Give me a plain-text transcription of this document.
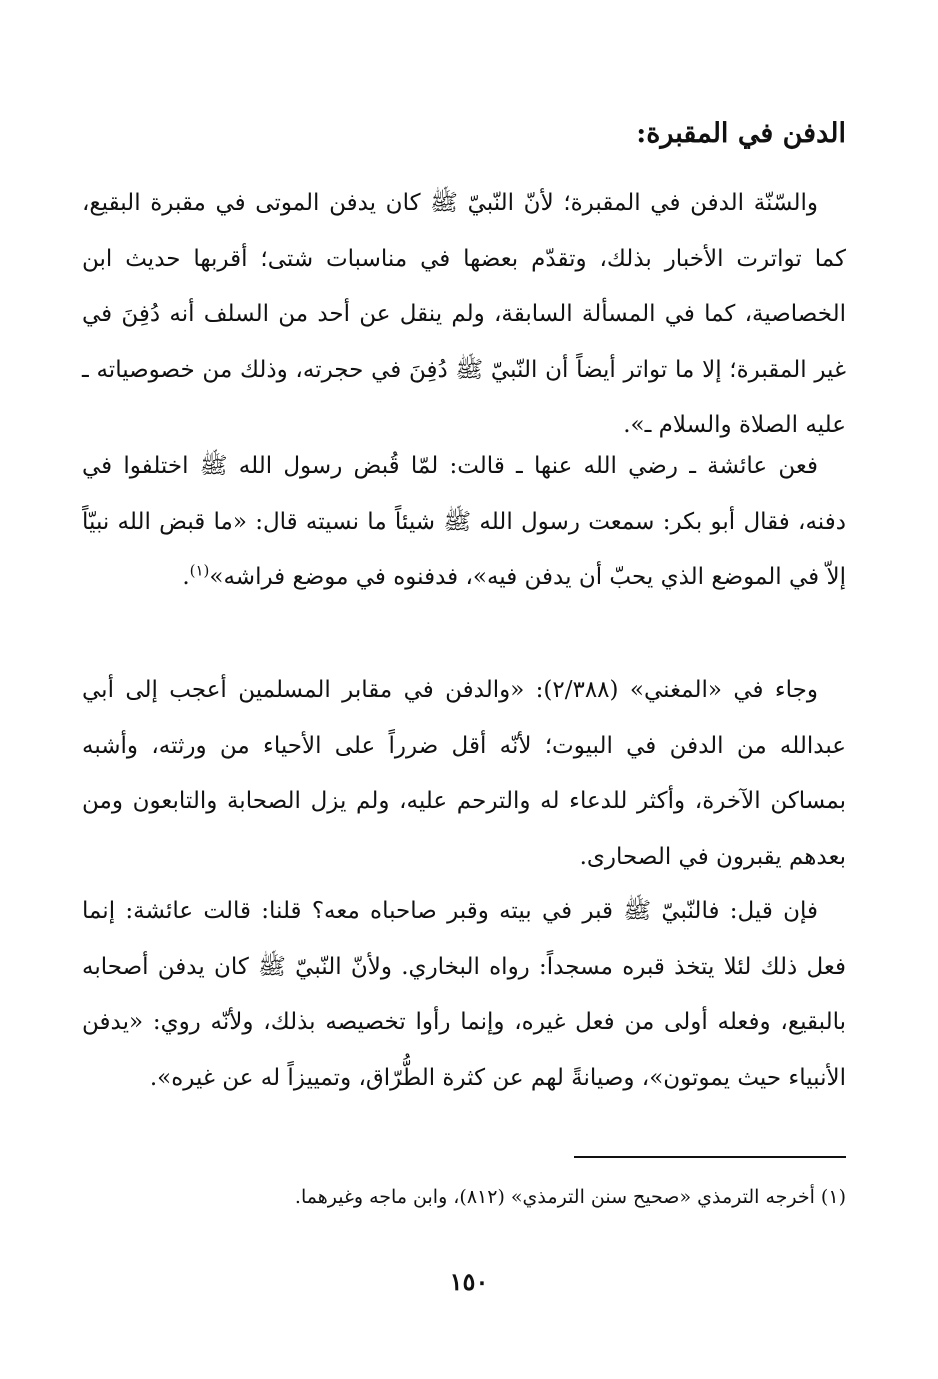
الدفن في المقبرة:

والسّنّة الدفن في المقبرة؛ لأنّ النّبيّ ﷺ كان يدفن الموتى في مقبرة البقيع، كما تواترت الأخبار بذلك، وتقدّم بعضها في مناسبات شتى؛ أقربها حديث ابن الخصاصية، كما في المسألة السابقة، ولم ينقل عن أحد من السلف أنه دُفِنَ في غير المقبرة؛ إلا ما تواتر أيضاً أن النّبيّ ﷺ دُفِنَ في حجرته، وذلك من خصوصياته ـ عليه الصلاة والسلام ـ».

فعن عائشة ـ رضي الله عنها ـ قالت: لمّا قُبض رسول الله ﷺ اختلفوا في دفنه، فقال أبو بكر: سمعت رسول الله ﷺ شيئاً ما نسيته قال: «ما قبض الله نبيّاً إلاّ في الموضع الذي يحبّ أن يدفن فيه»، فدفنوه في موضع فراشه»$^{(١)}$.

وجاء في «المغني» (٢/٣٨٨): «والدفن في مقابر المسلمين أعجب إلى أبي عبدالله من الدفن في البيوت؛ لأنّه أقل ضرراً على الأحياء من ورثته، وأشبه بمساكن الآخرة، وأكثر للدعاء له والترحم عليه، ولم يزل الصحابة والتابعون ومن بعدهم يقبرون في الصحارى.

فإن قيل: فالنّبيّ ﷺ قبر في بيته وقبر صاحباه معه؟ قلنا: قالت عائشة: إنما فعل ذلك لئلا يتخذ قبره مسجداً: رواه البخاري. ولأنّ النّبيّ ﷺ كان يدفن أصحابه بالبقيع، وفعله أولى من فعل غيره، وإنما رأوا تخصيصه بذلك، ولأنّه روي: «يدفن الأنبياء حيث يموتون»، وصيانةً لهم عن كثرة الطُّرّاق، وتمييزاً له عن غيره».

(١) أخرجه الترمذي «صحيح سنن الترمذي» (٨١٢)، وابن ماجه وغيرهما.
١٥٠
